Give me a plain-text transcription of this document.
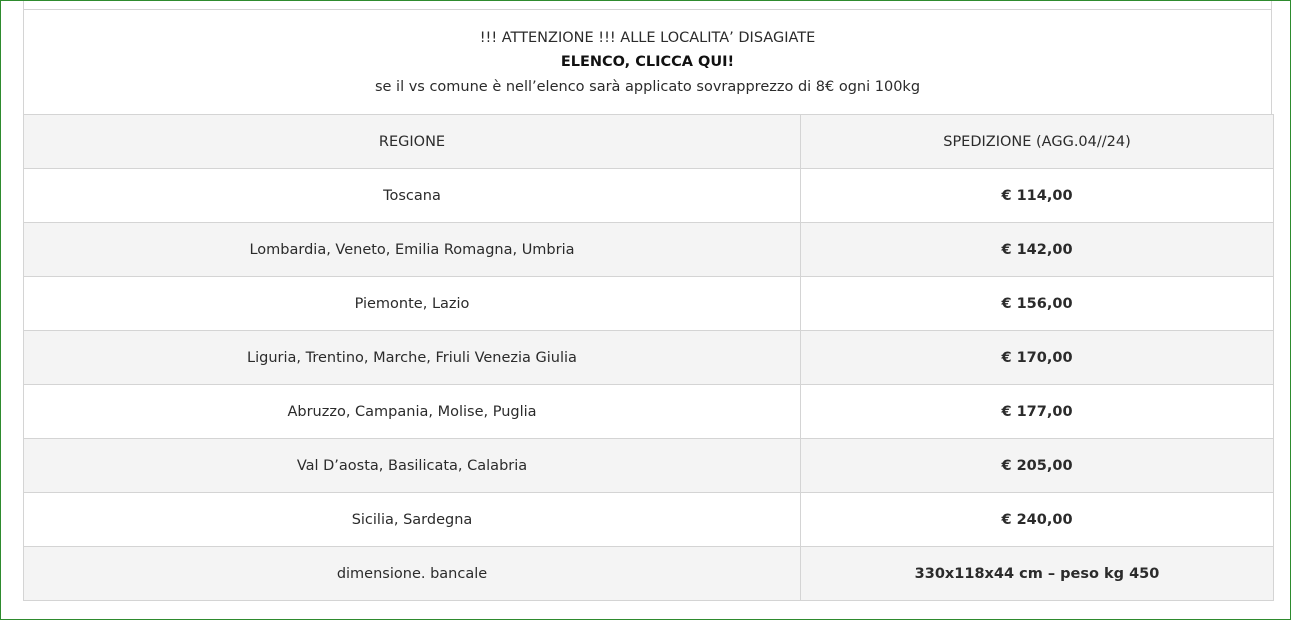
!!! ATTENZIONE !!! ALLE LOCALITA’ DISAGIATE
ELENCO, CLICCA QUI!
se il vs comune è nell’elenco sarà applicato sovrapprezzo di 8€ ogni 100kg
REGIONE	SPEDIZIONE (AGG.04//24)
Toscana	€ 114,00
Lombardia, Veneto, Emilia Romagna, Umbria	€ 142,00
Piemonte, Lazio	€ 156,00
Liguria, Trentino, Marche, Friuli Venezia Giulia	€ 170,00
Abruzzo, Campania, Molise, Puglia	€ 177,00
Val D’aosta, Basilicata, Calabria	€ 205,00
Sicilia, Sardegna	€ 240,00
dimensione. bancale	330x118x44 cm – peso kg 450
